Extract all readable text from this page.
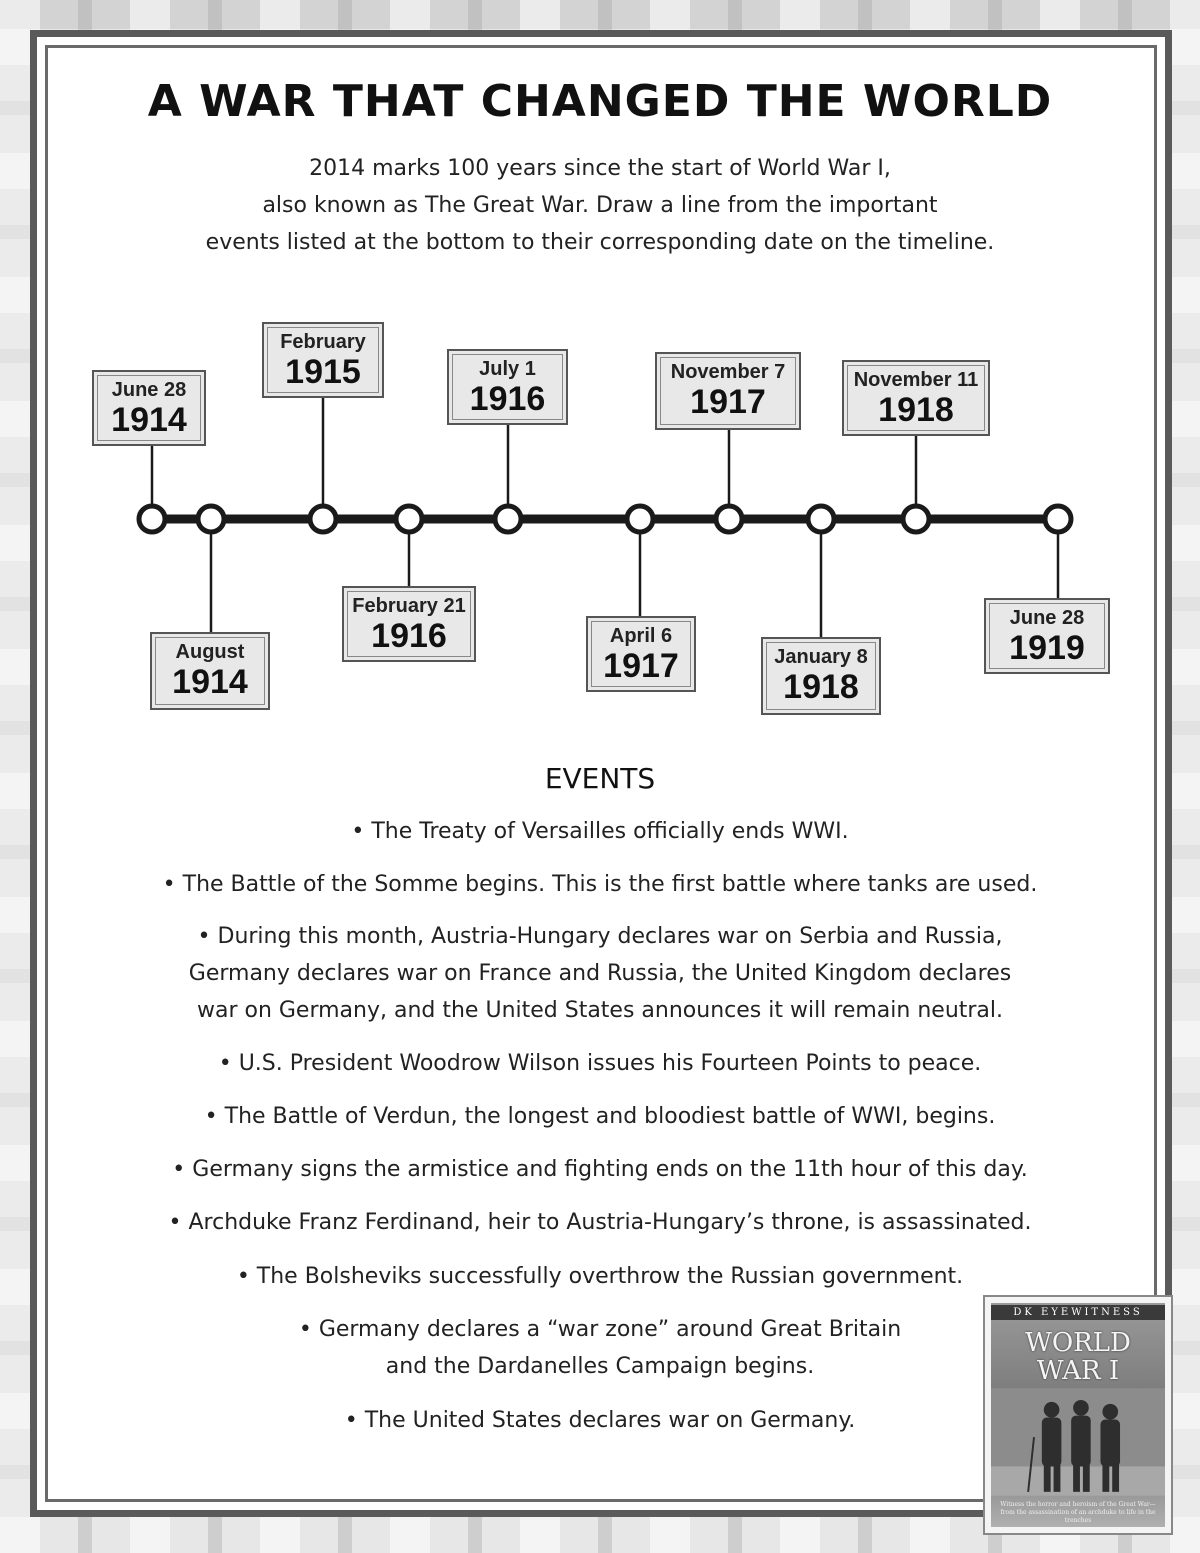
A WAR THAT CHANGED THE WORLD
2014 marks 100 years since the start of World War I,
also known as The Great War. Draw a line from the important
events listed at the bottom to their corresponding date on the timeline.
June 28
1914
February
1915	July 1
1916
November 7
1917
November 11
1918
August
1914
February 21
1916	April 6
1917	January 8
1918
June 28
1919
EVENTS
• The Treaty of Versailles officially ends WWI.
• The Battle of the Somme begins. This is the first battle where tanks are used.
• During this month, Austria-Hungary declares war on Serbia and Russia,
Germany declares war on France and Russia, the United Kingdom declares
war on Germany, and the United States announces it will remain neutral.
• U.S. President Woodrow Wilson issues his Fourteen Points to peace.
• The Battle of Verdun, the longest and bloodiest battle of WWI, begins.
• Germany signs the armistice and fighting ends on the 11th hour of this day.
• Archduke Franz Ferdinand, heir to Austria-Hungary’s throne, is assassinated.
• The Bolsheviks successfully overthrow the Russian government.
• Germany declares a “war zone” around Great Britain
and the Dardanelles Campaign begins.
• The United States declares war on Germany.
DK EYEWITNESS
WORLD
WAR I
Witness the horror and heroism of the Great War—from the assassination of an archduke to life in the trenches
